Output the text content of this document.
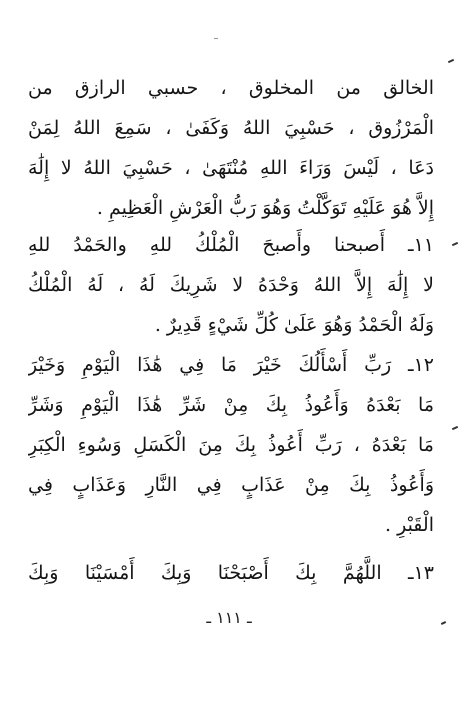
الخالق من المخلوق ، حسبي الرازق من
الْمَرْزُوق ، حَسْبِيَ اللهُ وَكَفَىٰ ، سَمِعَ اللهُ لِمَنْ
دَعَا ، لَيْسَ وَرَاءَ اللهِ مُنْتَهَىٰ ، حَسْبِيَ اللهُ لا إِلَٰهَ
إِلاَّ هُوَ عَلَيْهِ تَوَكَّلْتُ وَهُوَ رَبُّ الْعَرْشِ الْعَظِيمِ .
١١ـ أَصبحنا وأَصبحَ الْمُلْكُ للهِ والحَمْدُ للهِ
لا إِلَٰهَ إِلاَّ اللهُ وَحْدَهُ لا شَرِيكَ لَهُ ، لَهُ الْمُلْكُ
وَلَهُ الْحَمْدُ وَهُوَ عَلَىٰ كُلِّ شَيْءٍ قَدِيرٌ .
١٢ـ رَبِّ أَسْأَلُكَ خَيْرَ مَا فِي هَٰذَا الْيَوْمِ وَخَيْرَ
مَا بَعْدَهُ وَأَعُوذُ بِكَ مِنْ شَرِّ هَٰذَا الْيَوْمِ وَشَرِّ
مَا بَعْدَهُ ، رَبِّ أَعُوذُ بِكَ مِنَ الْكَسَلِ وَسُوءِ الْكِبَرِ
وَأَعُوذُ بِكَ مِنْ عَذَابٍ فِي النَّارِ وَعَذَابٍ فِي
الْقَبْرِ .
١٣ـ اللَّهُمَّ بِكَ أَصْبَحْنَا وَبِكَ أَمْسَيْنَا وَبِكَ
ـ ١١١ ـ
